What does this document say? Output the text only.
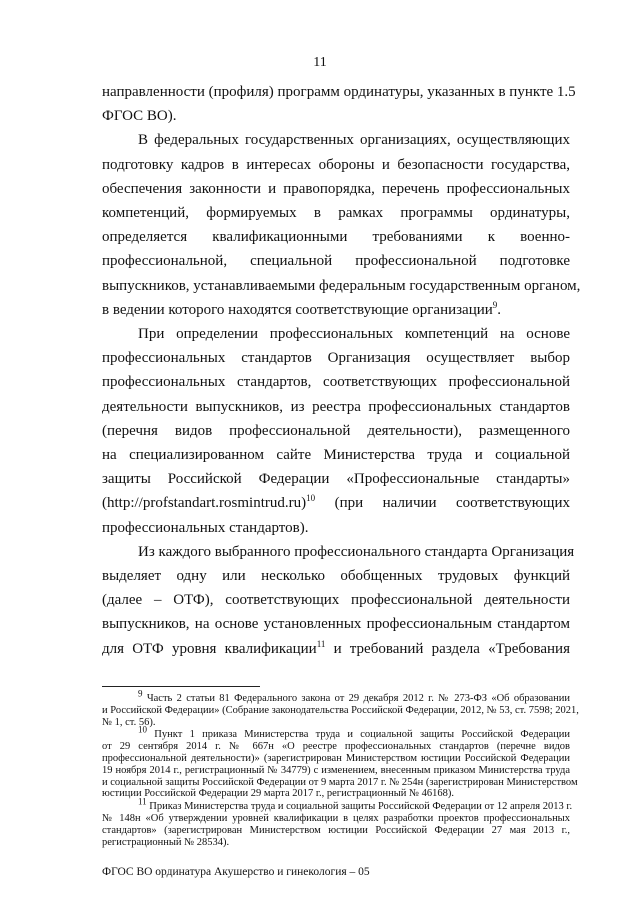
11
направленности (профиля) программ ординатуры, указанных в пункте 1.5
ФГОС ВО).
В федеральных государственных организациях, осуществляющих
подготовку кадров в интересах обороны и безопасности государства,
обеспечения законности и правопорядка, перечень профессиональных
компетенций, формируемых в рамках программы ординатуры,
определяется квалификационными требованиями к военно-
профессиональной, специальной профессиональной подготовке
выпускников, устанавливаемыми федеральным государственным органом,
в ведении которого находятся соответствующие организации$^9$.
При определении профессиональных компетенций на основе
профессиональных стандартов Организация осуществляет выбор
профессиональных стандартов, соответствующих профессиональной
деятельности выпускников, из реестра профессиональных стандартов
(перечня видов профессиональной деятельности), размещенного
на специализированном сайте Министерства труда и социальной
защиты Российской Федерации «Профессиональные стандарты»
(http://profstandart.rosmintrud.ru)$^{10}$ (при наличии соответствующих
профессиональных стандартов).
Из каждого выбранного профессионального стандарта Организация
выделяет одну или несколько обобщенных трудовых функций
(далее – ОТФ), соответствующих профессиональной деятельности
выпускников, на основе установленных профессиональным стандартом
для ОТФ уровня квалификации$^{11}$ и требований раздела «Требования
$^9$ Часть 2 статьи 81 Федерального закона от 29 декабря 2012 г. № 273-ФЗ «Об образовании
и Российской Федерации» (Собрание законодательства Российской Федерации, 2012, № 53, ст. 7598; 2021,
№ 1, ст. 56).
$^{10}$ Пункт 1 приказа Министерства труда и социальной защиты Российской Федерации
от 29 сентября 2014 г. № 667н «О реестре профессиональных стандартов (перечне видов
профессиональной деятельности)» (зарегистрирован Министерством юстиции Российской Федерации
19 ноября 2014 г., регистрационный № 34779) с изменением, внесенным приказом Министерства труда
и социальной защиты Российской Федерации от 9 марта 2017 г. № 254н (зарегистрирован Министерством
юстиции Российской Федерации 29 марта 2017 г., регистрационный № 46168).
$^{11}$ Приказ Министерства труда и социальной защиты Российской Федерации от 12 апреля 2013 г.
№ 148н «Об утверждении уровней квалификации в целях разработки проектов профессиональных
стандартов» (зарегистрирован Министерством юстиции Российской Федерации 27 мая 2013 г.,
регистрационный № 28534).
ФГОС ВО ординатура Акушерство и гинекология – 05
